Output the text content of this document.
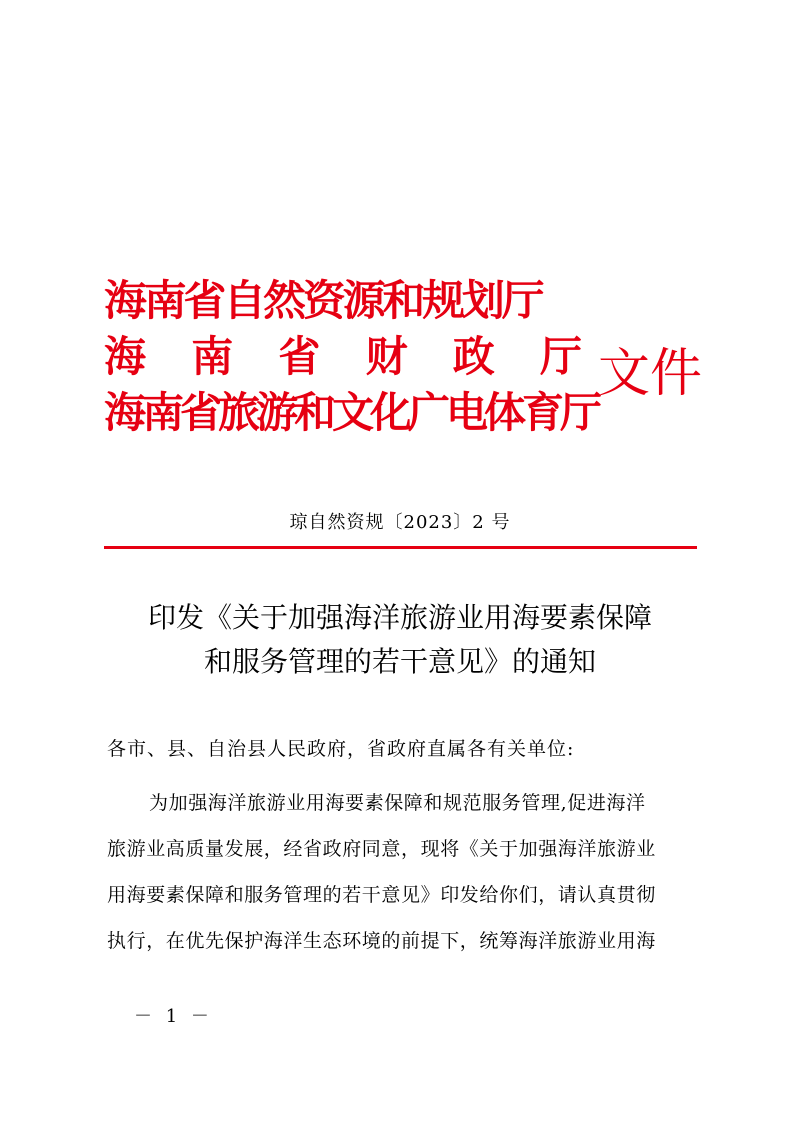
海南省自然资源和规划厅
海 南 省 财 政 厅
海南省旅游和文化广电体育厅
文件
琼自然资规〔2023〕2 号
印发《关于加强海洋旅游业用海要素保障
和服务管理的若干意见》的通知
各市、县、自治县人民政府，省政府直属各有关单位:
为加强海洋旅游业用海要素保障和规范服务管理,促进海洋
旅游业高质量发展，经省政府同意，现将《关于加强海洋旅游业
用海要素保障和服务管理的若干意见》印发给你们，请认真贯彻
执行，在优先保护海洋生态环境的前提下，统筹海洋旅游业用海
－ 1 －
